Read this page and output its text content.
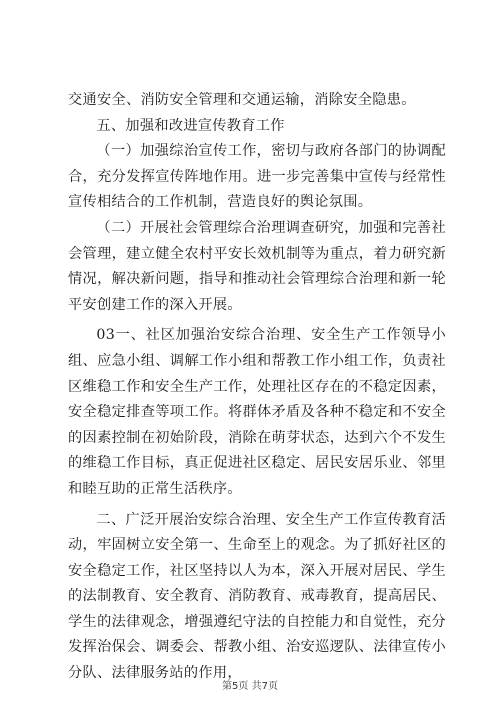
交通安全、消防安全管理和交通运输，消除安全隐患。

五、加强和改进宣传教育工作

（一）加强综治宣传工作，密切与政府各部门的协调配合，充分发挥宣传阵地作用。进一步完善集中宣传与经常性宣传相结合的工作机制，营造良好的舆论氛围。

（二）开展社会管理综合治理调查研究，加强和完善社会管理，建立健全农村平安长效机制等为重点，着力研究新情况，解决新问题，指导和推动社会管理综合治理和新一轮平安创建工作的深入开展。

03一、社区加强治安综合治理、安全生产工作领导小组、应急小组、调解工作小组和帮教工作小组工作，负责社区维稳工作和安全生产工作，处理社区存在的不稳定因素，安全稳定排查等项工作。将群体矛盾及各种不稳定和不安全的因素控制在初始阶段，消除在萌芽状态，达到六个不发生的维稳工作目标，真正促进社区稳定、居民安居乐业、邻里和睦互助的正常生活秩序。

二、广泛开展治安综合治理、安全生产工作宣传教育活动，牢固树立安全第一、生命至上的观念。为了抓好社区的安全稳定工作，社区坚持以人为本，深入开展对居民、学生的法制教育、安全教育、消防教育、戒毒教育，提高居民、学生的法律观念，增强遵纪守法的自控能力和自觉性，充分发挥治保会、调委会、帮教小组、治安巡逻队、法律宣传小分队、法律服务站的作用，

第5页 共7页
